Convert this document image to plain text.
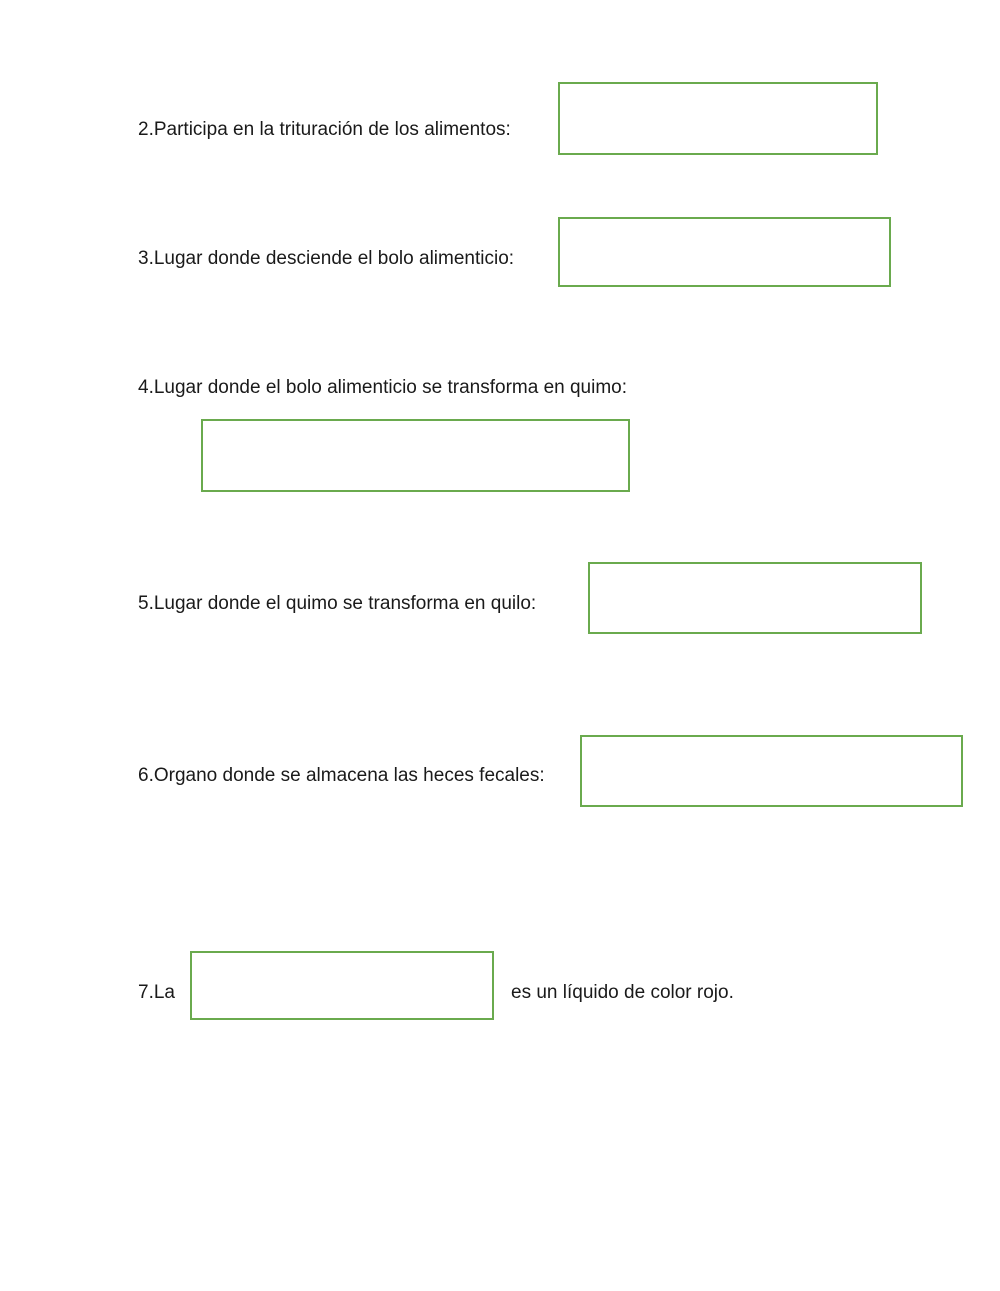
2.Participa en la trituración de los alimentos:
3.Lugar donde desciende el bolo alimenticio:
4.Lugar donde el bolo alimenticio se transforma en quimo:
5.Lugar donde el quimo se transforma en quilo:
6.Organo donde se almacena las heces fecales:
7.La	es un líquido de color rojo.
